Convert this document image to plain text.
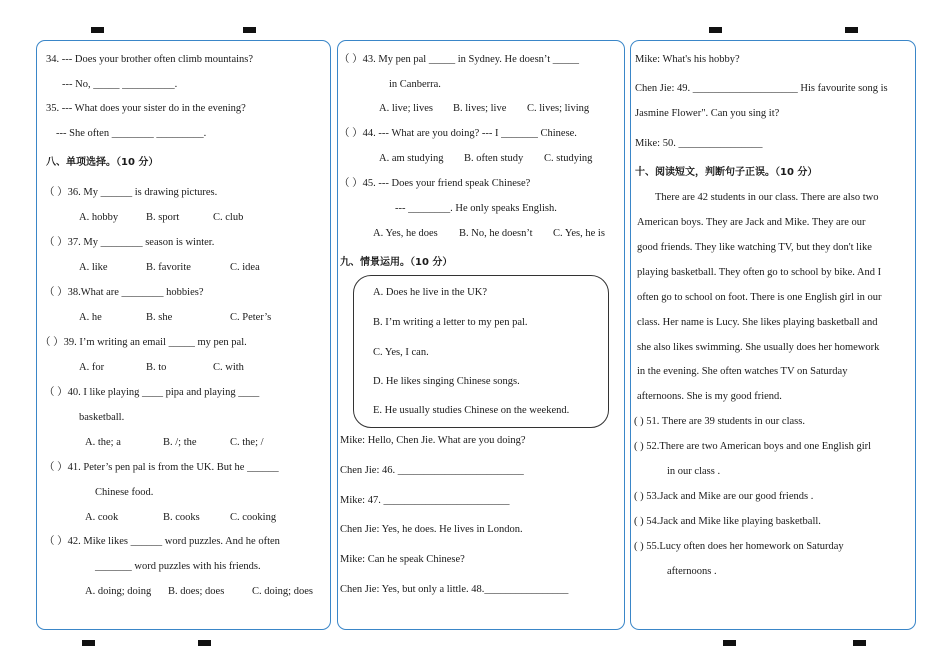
34. --- Does your brother often climb mountains?
--- No, _____ __________.
35. --- What does your sister do in the evening?
--- She often ________ _________.
八、单项选择。（10 分）
（ ）36. My ______ is drawing pictures.
A. hobby	B. sport	C. club
（ ）37. My ________ season is winter.
A. like	B. favorite	C. idea
（ ）38.What are ________ hobbies?
A. he	B. she	C. Peter’s
（ ）39. I’m writing an email _____ my pen pal.
A. for	B. to	C. with
（ ）40. I like playing ____ pipa and playing ____
basketball.
A. the; a	B. /; the	C. the; /
（ ）41. Peter’s pen pal is from the UK. But he ______
Chinese food.
A. cook	B. cooks	C. cooking
（ ）42. Mike likes ______ word puzzles. And he often
_______ word puzzles with his friends.
A. doing; doing B. does; does	C. doing; does
（ ）43. My pen pal _____ in Sydney. He doesn’t _____
in Canberra.
A. live; lives B. lives; live C. lives; living
（ ）44. --- What are you doing? --- I _______ Chinese.
A. am studying B. often study C. studying
（ ）45. --- Does your friend speak Chinese?
--- ________. He only speaks English.
A. Yes, he does B. No, he doesn’t C. Yes, he is
九、情景运用。（10 分）
A. Does he live in the UK?
B. I’m writing a letter to my pen pal.
C. Yes, I can.
D. He likes singing Chinese songs.
E. He usually studies Chinese on the weekend.
Mike: Hello, Chen Jie. What are you doing?
Chen Jie: 46. ________________________
Mike: 47. ________________________
Chen Jie: Yes, he does. He lives in London.
Mike: Can he speak Chinese?
Chen Jie: Yes, but only a little. 48.________________
Mike: What's his hobby?
Chen Jie: 49. ____________________ His favourite song is
Jasmine Flower". Can you sing it?
Mike: 50. ________________
十、阅读短文，判断句子正误。（10 分）
There are 42 students in our class. There are also two
American boys. They are Jack and Mike. They are our
good friends. They like watching TV, but they don't like
playing basketball. They often go to school by bike. And I
often go to school on foot. There is one English girl in our
class. Her name is Lucy. She likes playing basketball and
she also likes swimming. She usually does her homework
in the evening. She often watches TV on Saturday
afternoons. She is my good friend.
( ) 51. There are 39 students in our class.
( ) 52.There are two American boys and one English girl
in our class .
( ) 53.Jack and Mike are our good friends .
( ) 54.Jack and Mike like playing basketball.
( ) 55.Lucy often does her homework on Saturday
afternoons .
